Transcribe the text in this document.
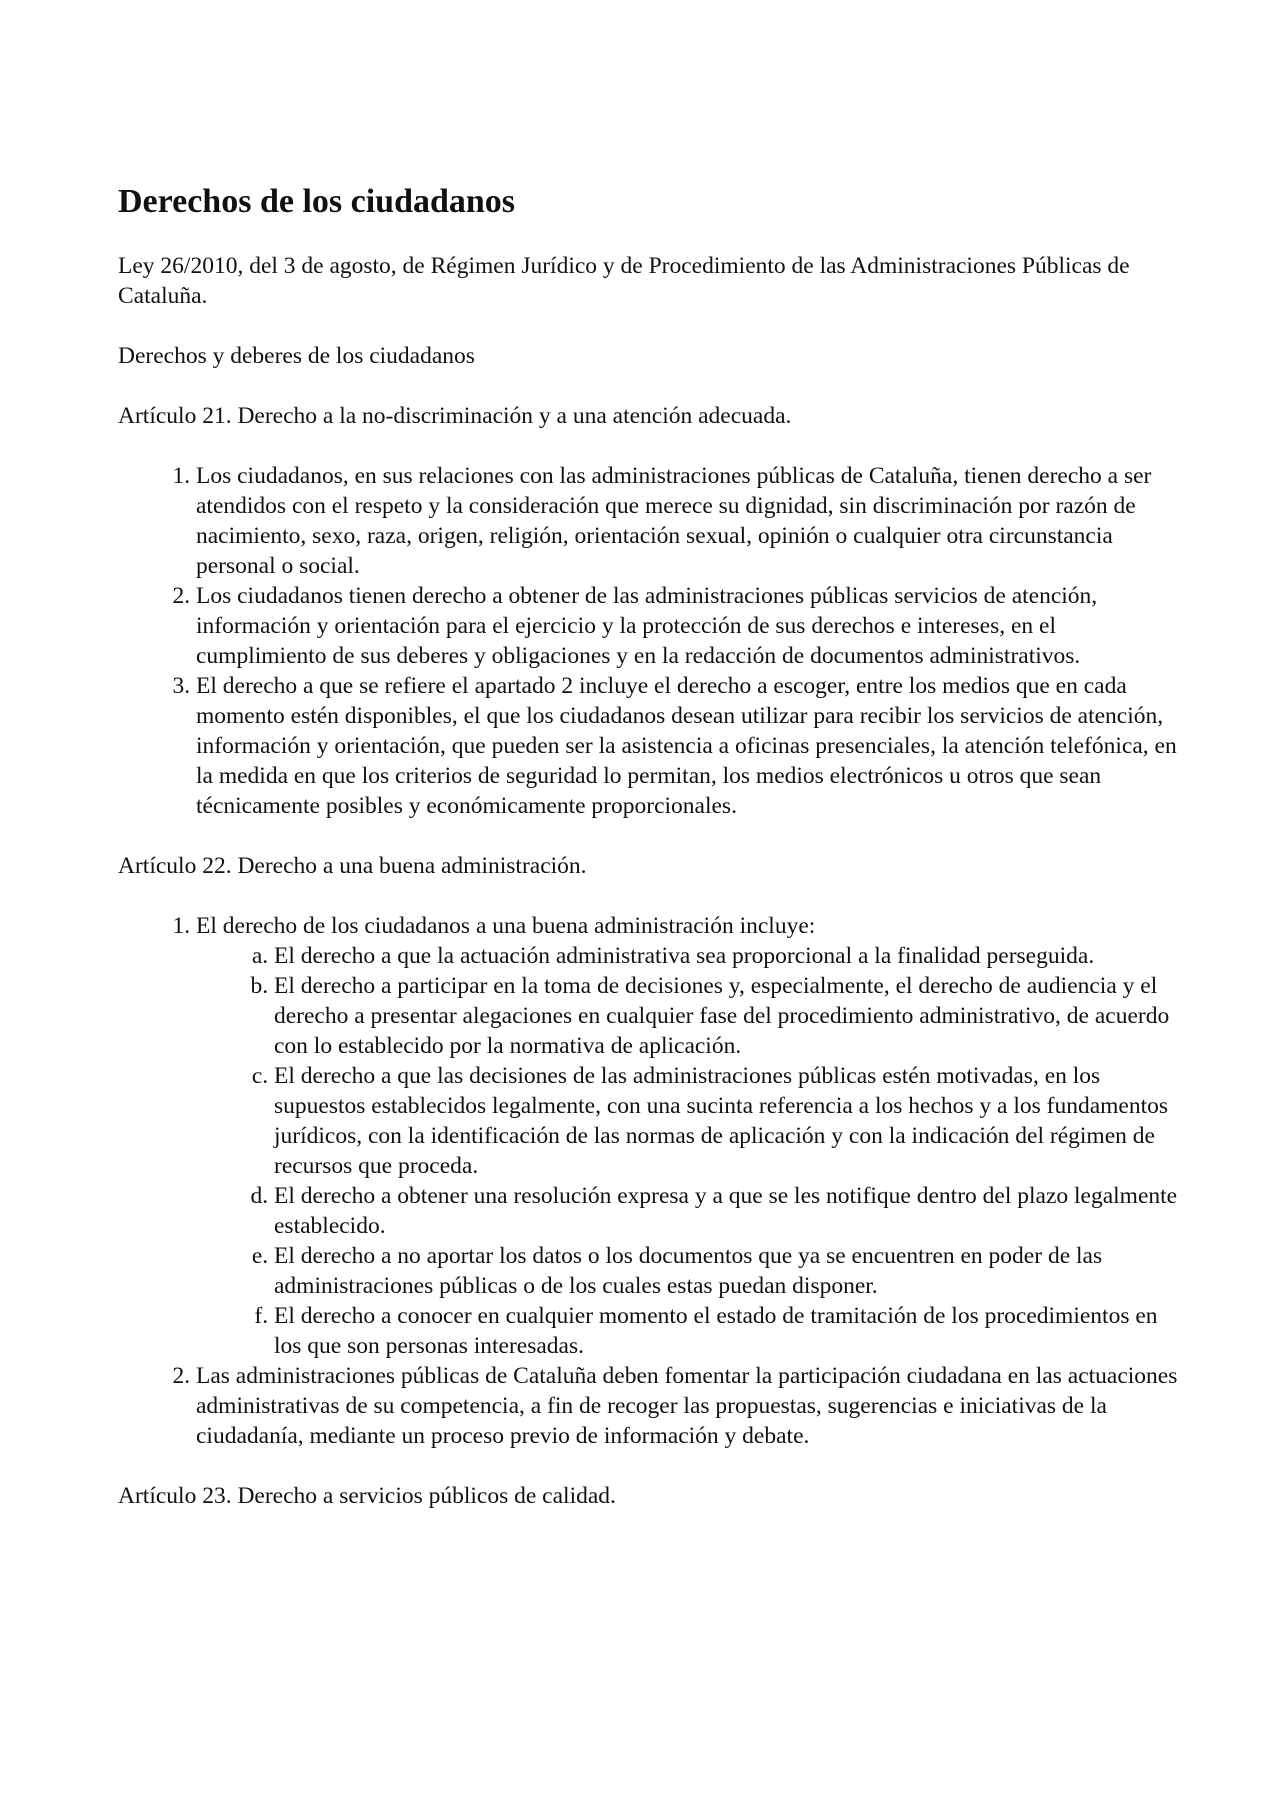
Derechos de los ciudadanos

Ley 26/2010, del 3 de agosto, de Régimen Jurídico y de Procedimiento de las Administraciones Públicas de Cataluña.

Derechos y deberes de los ciudadanos

Artículo 21. Derecho a la no-discriminación y a una atención adecuada.

1. Los ciudadanos, en sus relaciones con las administraciones públicas de Cataluña, tienen derecho a ser atendidos con el respeto y la consideración que merece su dignidad, sin discriminación por razón de nacimiento, sexo, raza, origen, religión, orientación sexual, opinión o cualquier otra circunstancia personal o social.
2. Los ciudadanos tienen derecho a obtener de las administraciones públicas servicios de atención, información y orientación para el ejercicio y la protección de sus derechos e intereses, en el cumplimiento de sus deberes y obligaciones y en la redacción de documentos administrativos.
3. El derecho a que se refiere el apartado 2 incluye el derecho a escoger, entre los medios que en cada momento estén disponibles, el que los ciudadanos desean utilizar para recibir los servicios de atención, información y orientación, que pueden ser la asistencia a oficinas presenciales, la atención telefónica, en la medida en que los criterios de seguridad lo permitan, los medios electrónicos u otros que sean técnicamente posibles y económicamente proporcionales.

Artículo 22. Derecho a una buena administración.

1. El derecho de los ciudadanos a una buena administración incluye:
a. El derecho a que la actuación administrativa sea proporcional a la finalidad perseguida.
b. El derecho a participar en la toma de decisiones y, especialmente, el derecho de audiencia y el derecho a presentar alegaciones en cualquier fase del procedimiento administrativo, de acuerdo con lo establecido por la normativa de aplicación.
c. El derecho a que las decisiones de las administraciones públicas estén motivadas, en los supuestos establecidos legalmente, con una sucinta referencia a los hechos y a los fundamentos jurídicos, con la identificación de las normas de aplicación y con la indicación del régimen de recursos que proceda.
d. El derecho a obtener una resolución expresa y a que se les notifique dentro del plazo legalmente establecido.
e. El derecho a no aportar los datos o los documentos que ya se encuentren en poder de las administraciones públicas o de los cuales estas puedan disponer.
f. El derecho a conocer en cualquier momento el estado de tramitación de los procedimientos en los que son personas interesadas.
2. Las administraciones públicas de Cataluña deben fomentar la participación ciudadana en las actuaciones administrativas de su competencia, a fin de recoger las propuestas, sugerencias e iniciativas de la ciudadanía, mediante un proceso previo de información y debate.

Artículo 23. Derecho a servicios públicos de calidad.
